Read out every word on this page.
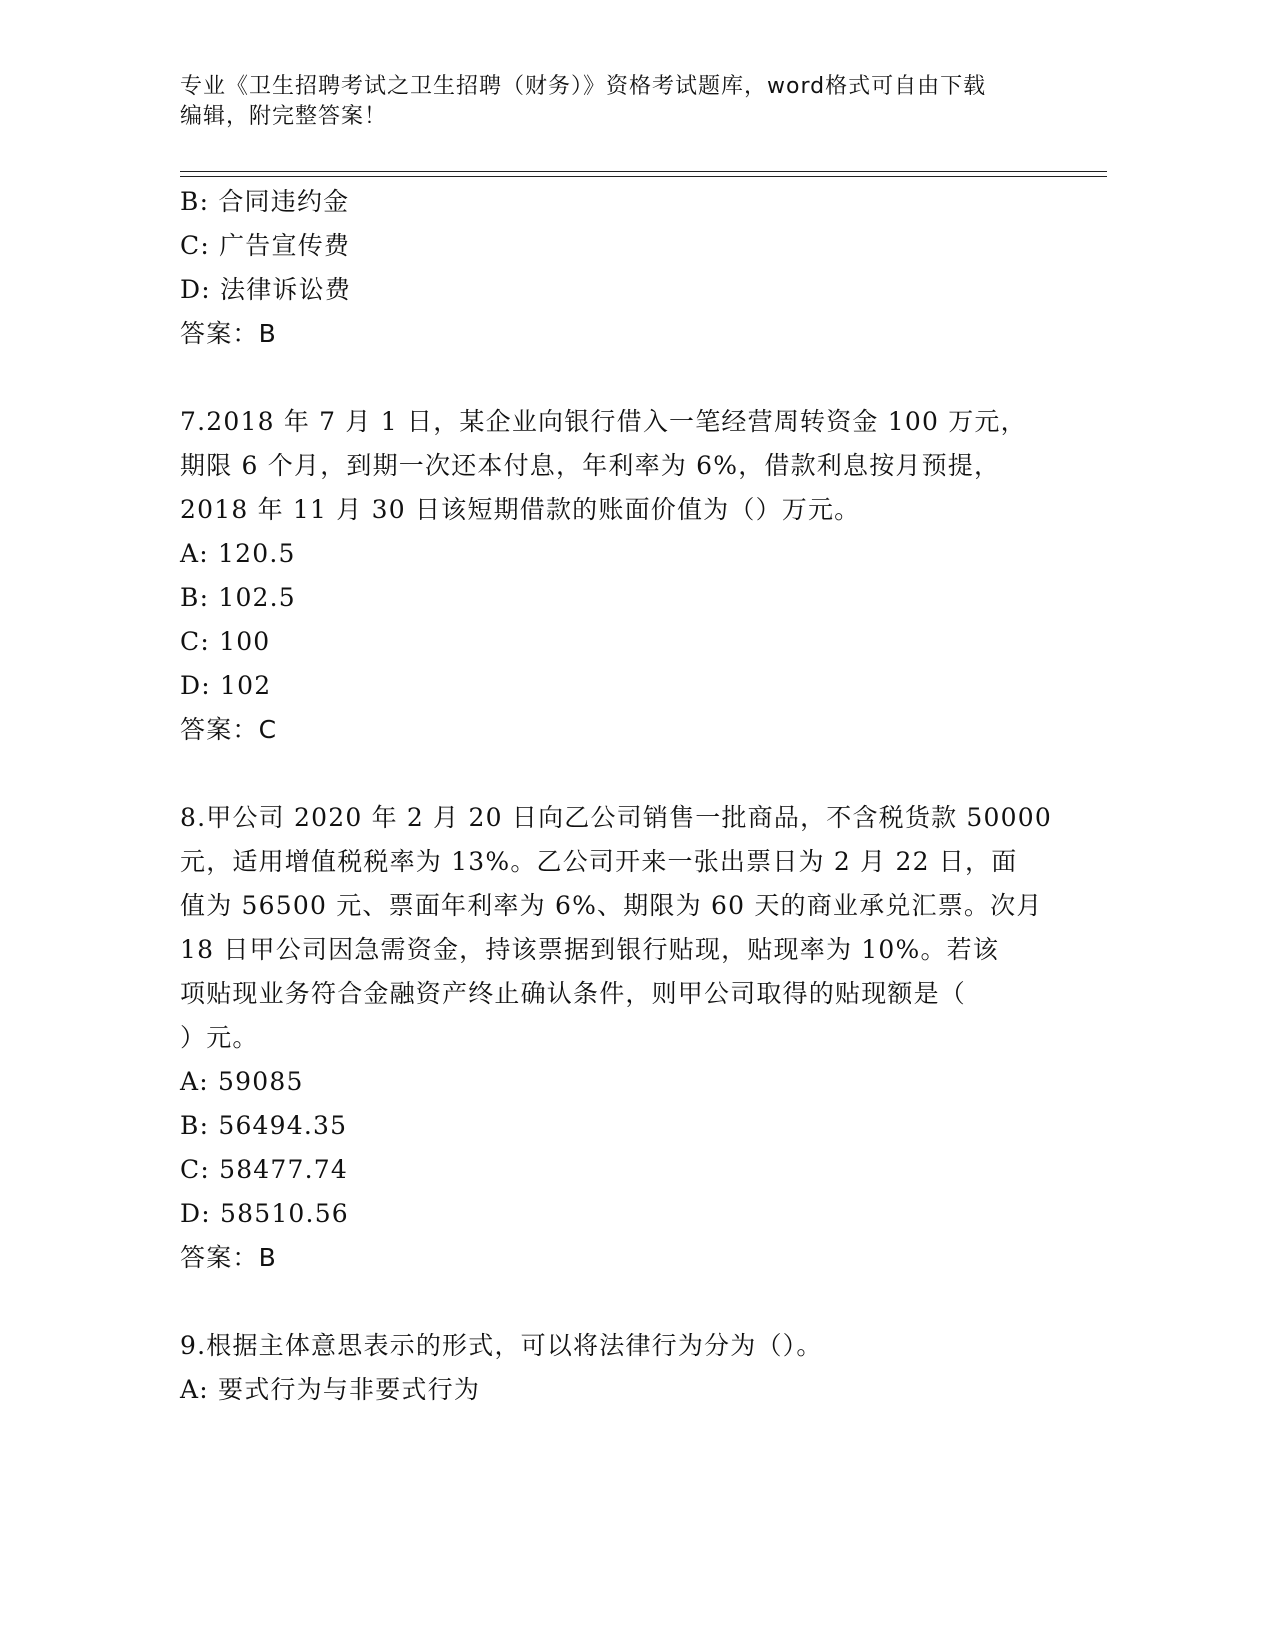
专业《卫生招聘考试之卫生招聘（财务）》资格考试题库，word格式可自由下载
编辑，附完整答案！
B: 合同违约金
C: 广告宣传费
D: 法律诉讼费
答案：B
7.2018 年 7 月 1 日，某企业向银行借入一笔经营周转资金 100 万元，
期限 6 个月，到期一次还本付息，年利率为 6%，借款利息按月预提，
2018 年 11 月 30 日该短期借款的账面价值为（）万元。
A: 120.5
B: 102.5
C: 100
D: 102
答案：C
8.甲公司 2020 年 2 月 20 日向乙公司销售一批商品，不含税货款 50000
元，适用增值税税率为 13%。乙公司开来一张出票日为 2 月 22 日，面
值为 56500 元、票面年利率为 6%、期限为 60 天的商业承兑汇票。次月
18 日甲公司因急需资金，持该票据到银行贴现，贴现率为 10%。若该
项贴现业务符合金融资产终止确认条件，则甲公司取得的贴现额是（
）元。
A: 59085
B: 56494.35
C: 58477.74
D: 58510.56
答案：B
9.根据主体意思表示的形式，可以将法律行为分为（）。
A: 要式行为与非要式行为
